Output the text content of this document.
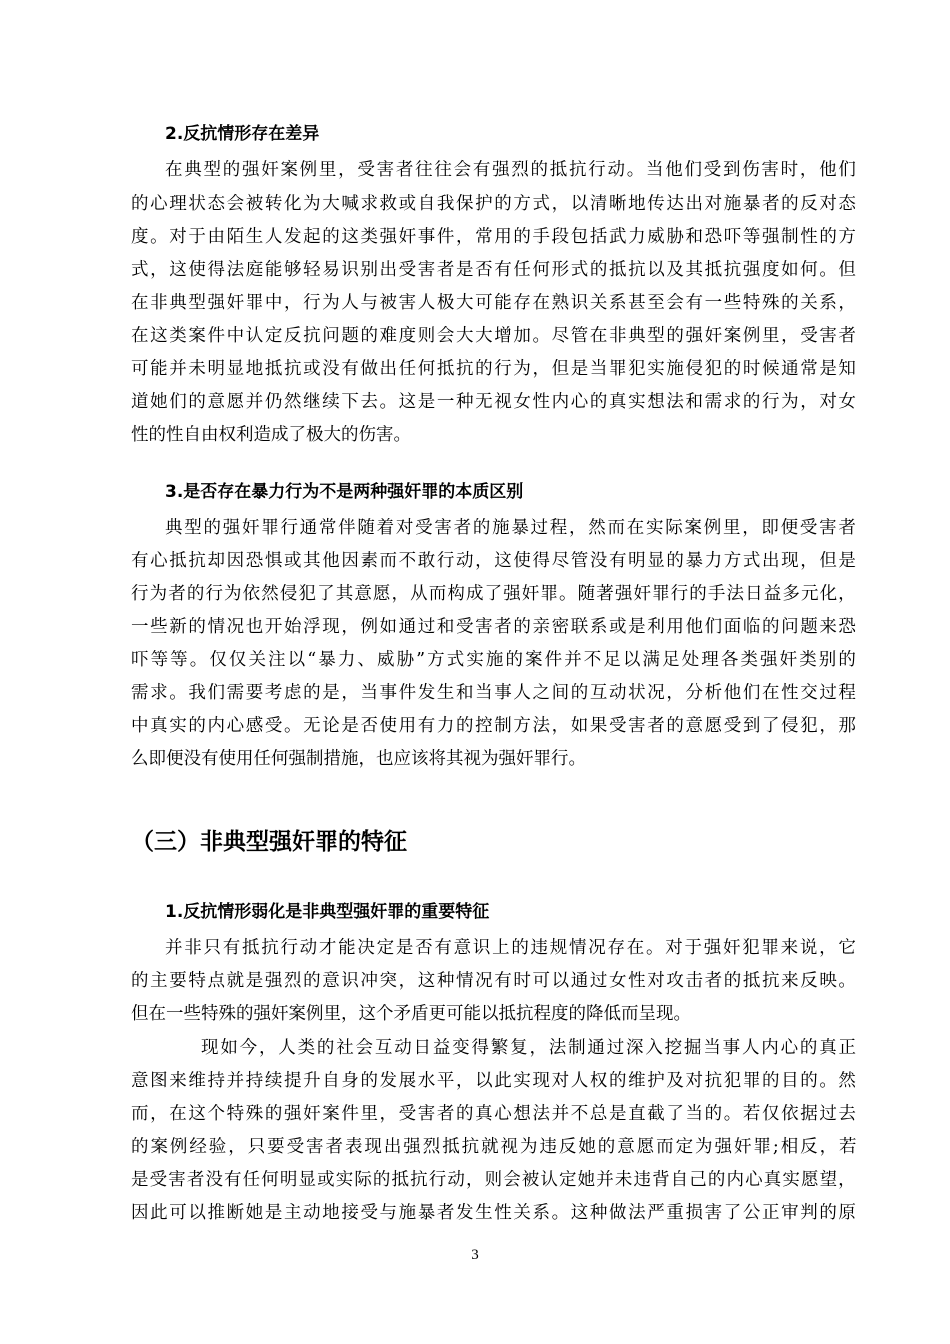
2.反抗情形存在差异
在典型的强奸案例里，受害者往往会有强烈的抵抗行动。当他们受到伤害时，他们
的心理状态会被转化为大喊求救或自我保护的方式，以清晰地传达出对施暴者的反对态
度。对于由陌生人发起的这类强奸事件，常用的手段包括武力威胁和恐吓等强制性的方
式，这使得法庭能够轻易识别出受害者是否有任何形式的抵抗以及其抵抗强度如何。但
在非典型强奸罪中，行为人与被害人极大可能存在熟识关系甚至会有一些特殊的关系，
在这类案件中认定反抗问题的难度则会大大增加。尽管在非典型的强奸案例里，受害者
可能并未明显地抵抗或没有做出任何抵抗的行为，但是当罪犯实施侵犯的时候通常是知
道她们的意愿并仍然继续下去。这是一种无视女性内心的真实想法和需求的行为，对女
性的性自由权利造成了极大的伤害。
3.是否存在暴力行为不是两种强奸罪的本质区别
典型的强奸罪行通常伴随着对受害者的施暴过程，然而在实际案例里，即便受害者
有心抵抗却因恐惧或其他因素而不敢行动，这使得尽管没有明显的暴力方式出现，但是
行为者的行为依然侵犯了其意愿，从而构成了强奸罪。随著强奸罪行的手法日益多元化，
一些新的情况也开始浮现，例如通过和受害者的亲密联系或是利用他们面临的问题来恐
吓等等。仅仅关注以“暴力、威胁”方式实施的案件并不足以满足处理各类强奸类别的
需求。我们需要考虑的是，当事件发生和当事人之间的互动状况，分析他们在性交过程
中真实的内心感受。无论是否使用有力的控制方法，如果受害者的意愿受到了侵犯，那
么即便没有使用任何强制措施，也应该将其视为强奸罪行。
（三）非典型强奸罪的特征
1.反抗情形弱化是非典型强奸罪的重要特征
并非只有抵抗行动才能决定是否有意识上的违规情况存在。对于强奸犯罪来说，它
的主要特点就是强烈的意识冲突，这种情况有时可以通过女性对攻击者的抵抗来反映。
但在一些特殊的强奸案例里，这个矛盾更可能以抵抗程度的降低而呈现。
现如今，人类的社会互动日益变得繁复，法制通过深入挖掘当事人内心的真正
意图来维持并持续提升自身的发展水平，以此实现对人权的维护及对抗犯罪的目的。然
而，在这个特殊的强奸案件里，受害者的真心想法并不总是直截了当的。若仅依据过去
的案例经验，只要受害者表现出强烈抵抗就视为违反她的意愿而定为强奸罪;相反，若
是受害者没有任何明显或实际的抵抗行动，则会被认定她并未违背自己的内心真实愿望，
因此可以推断她是主动地接受与施暴者发生性关系。这种做法严重损害了公正审判的原
3
